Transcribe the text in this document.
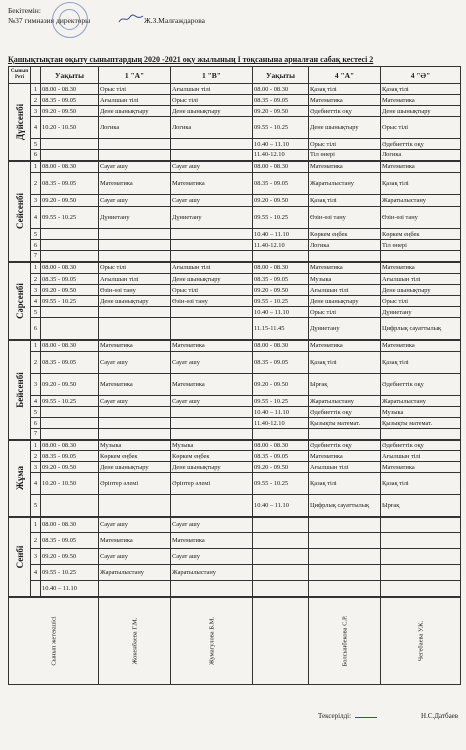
Бекітемін:
№37 гимназия директоры	Ж.З.Малғаждарова
Қашықтықтан оқыту сыныптардың 2020 -2021 оқу жылының І тоқсанына арналған сабақ кестесі 2
Сынып
Реті		Уақыты	1 "А"	1 "В"	Уақыты	4 "А"	4 "Ә"

Дүйсенбі	1	08.00 - 08.30	Орыс тілі	Ағылшын тілі	08.00 - 08.30	Қазақ тілі	Қазақ тілі
	2	08.35 - 09.05	Ағылшын тілі	Орыс тілі	08.35 - 09.05	Математика	Математика
	3	09.20 - 09.50	Дене шынықтыру	Дене шынықтыру	09.20 - 09.50	Әдебиеттік оқу	Дене шынықтыру
	4	10.20 - 10.50	Логика	Логика	09.55 - 10.25	Дене шынықтыру	Орыс тілі
	5				10.40 – 11.10	Орыс тілі	Әдебиеттік оқу
	6				11.40-12.10	Тіл өнері	Логика

Сейсенбі	1	08.00 - 08.30	Сауат ашу	Сауат ашу	08.00 - 08.30	Математика	Математика
	2	08.35 - 09.05	Математика	Математика	08.35 - 09.05	Жаратылыстану	Қазақ тілі
	3	09.20 - 09.50	Сауат ашу	Сауат ашу	09.20 - 09.50	Қазақ тілі	Жаратылыстану
	4	09.55 - 10.25	Дүниетану	Дүниетану	09.55 - 10.25	Өзін-өзі тану	Өзін-өзі тану
	5				10.40 – 11.10	Көркем еңбек	Көркем еңбек
	6				11.40-12.10	Логика	Тіл өнері
	7						

Сәрсенбі	1	08.00 - 08.30	Орыс тілі	Ағылшын тілі	08.00 - 08.30	Математика	Математика
	2	08.35 - 09.05	Ағылшын тілі	Дене шынықтыру	08.35 - 09.05	Музыка	Ағылшын тілі
	3	09.20 - 09.50	Өзін-өзі тану	Орыс тілі	09.20 - 09.50	Ағылшын тілі	Дене шынықтыру
	4	09.55 - 10.25	Дене шынықтыру	Өзін-өзі тану	09.55 - 10.25	Дене шынықтыру	Орыс тілі
	5				10.40 – 11.10	Орыс тілі	Дүниетану
	6				11.15-11.45	Дүниетану	Цифрлық сауаттылық

Бейсенбі	1	08.00 - 08.30	Математика	Математика	08.00 - 08.30	Математика	Математика
	2	08.35 - 09.05	Сауат ашу	Сауат ашу	08.35 - 09.05	Қазақ тілі	Қазақ тілі
	3	09.20 - 09.50	Математика	Математика	09.20 - 09.50	Ырғақ	Әдебиеттік оқу
	4	09.55 - 10.25	Сауат ашу	Сауат ашу	09.55 - 10.25	Жаратылыстану	Жаратылыстану
	5				10.40 – 11.10	Әдебиеттік оқу	Музыка
	6				11.40-12.10	Қызықты математ.	Қызықты математ.
	7						

Жұма	1	08.00 - 08.30	Музыка	Музыка	08.00 - 08.30	Әдебиеттік оқу	Әдебиеттік оқу
	2	08.35 - 09.05	Көркем еңбек	Көркем еңбек	08.35 - 09.05	Математика	Ағылшын тілі
	3	09.20 - 09.50	Дене шынықтыру	Дене шынықтыру	09.20 - 09.50	Ағылшын тілі	Математика
	4	10.20 - 10.50	Әріптер әлемі	Әріптер әлемі	09.55 - 10.25	Қазақ тілі	Қазақ тілі
	5				10.40 – 11.10	Цифрлық сауаттылық	Ырғақ

Сенбі	1	08.00 - 08.30	Сауат ашу	Сауат ашу			
	2	08.35 - 09.05	Математика	Математика			
	3	09.20 - 09.50	Сауат ашу	Сауат ашу			
	4	09.55 - 10.25	Жаратылыстану	Жаратылыстану			
		10.40 – 11.10					

Сынып жетекшісі			Жокенбаева Г.М.	Жумагулова Б.М.		Болсынбекова С.Р.	Чегебаева У.К.
Тексерілді:	Н.С.Датбаев
